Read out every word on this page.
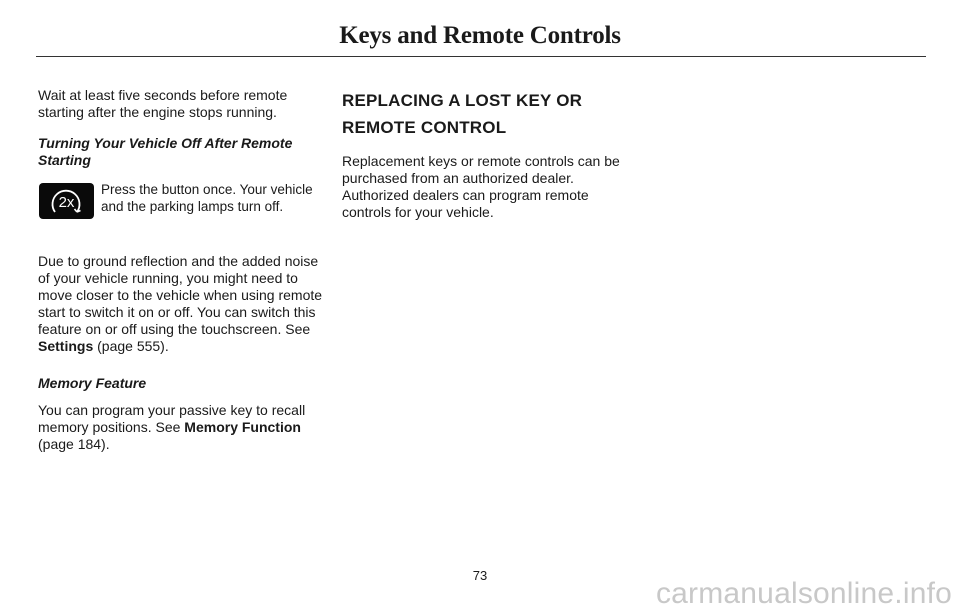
Keys and Remote Controls

Wait at least five seconds before remote starting after the engine stops running.

Turning Your Vehicle Off After Remote Starting

2x

Press the button once. Your vehicle and the parking lamps turn off.

Due to ground reflection and the added noise of your vehicle running, you might need to move closer to the vehicle when using remote start to switch it on or off. You can switch this feature on or off using the touchscreen. See Settings (page 555).

Memory Feature

You can program your passive key to recall memory positions. See Memory Function
(page 184).

REPLACING A LOST KEY OR REMOTE CONTROL

Replacement keys or remote controls can be purchased from an authorized dealer. Authorized dealers can program remote controls for your vehicle.

73
carmanualsonline.info
